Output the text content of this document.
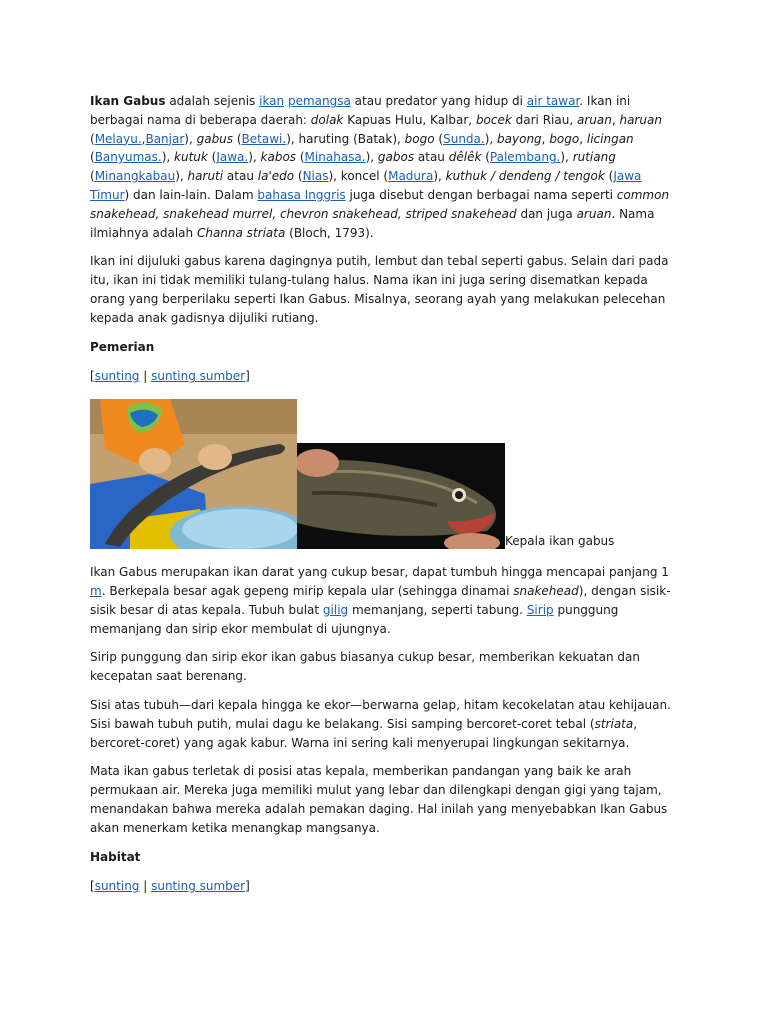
Ikan Gabus adalah sejenis ikan pemangsa atau predator yang hidup di air tawar. Ikan ini berbagai nama di beberapa daerah: dolak Kapuas Hulu, Kalbar, bocek dari Riau, aruan, haruan (Melayu.,Banjar), gabus (Betawi.), haruting (Batak), bogo (Sunda.), bayong, bogo, licingan (Banyumas.), kutuk (Jawa.), kabos (Minahasa.), gabos atau dêlêk (Palembang.), rutiang (Minangkabau), haruti atau la'edo (Nias), koncel (Madura), kuthuk / dendeng / tengok (Jawa Timur) dan lain-lain. Dalam bahasa Inggris juga disebut dengan berbagai nama seperti common snakehead, snakehead murrel, chevron snakehead, striped snakehead dan juga aruan. Nama ilmiahnya adalah Channa striata (Bloch, 1793).

Ikan ini dijuluki gabus karena dagingnya putih, lembut dan tebal seperti gabus. Selain dari pada itu, ikan ini tidak memiliki tulang-tulang halus. Nama ikan ini juga sering disematkan kepada orang yang berperilaku seperti Ikan Gabus. Misalnya, seorang ayah yang melakukan pelecehan kepada anak gadisnya dijuliki rutiang.

Pemerian

[sunting | sunting sumber]

Kepala ikan gabus

Ikan Gabus merupakan ikan darat yang cukup besar, dapat tumbuh hingga mencapai panjang 1 m. Berkepala besar agak gepeng mirip kepala ular (sehingga dinamai snakehead), dengan sisik-sisik besar di atas kepala. Tubuh bulat gilig memanjang, seperti tabung. Sirip punggung memanjang dan sirip ekor membulat di ujungnya.

Sirip punggung dan sirip ekor ikan gabus biasanya cukup besar, memberikan kekuatan dan kecepatan saat berenang.

Sisi atas tubuh—dari kepala hingga ke ekor—berwarna gelap, hitam kecokelatan atau kehijauan. Sisi bawah tubuh putih, mulai dagu ke belakang. Sisi samping bercoret-coret tebal (striata, bercoret-coret) yang agak kabur. Warna ini sering kali menyerupai lingkungan sekitarnya.

Mata ikan gabus terletak di posisi atas kepala, memberikan pandangan yang baik ke arah permukaan air. Mereka juga memiliki mulut yang lebar dan dilengkapi dengan gigi yang tajam, menandakan bahwa mereka adalah pemakan daging. Hal inilah yang menyebabkan Ikan Gabus akan menerkam ketika menangkap mangsanya.

Habitat

[sunting | sunting sumber]
